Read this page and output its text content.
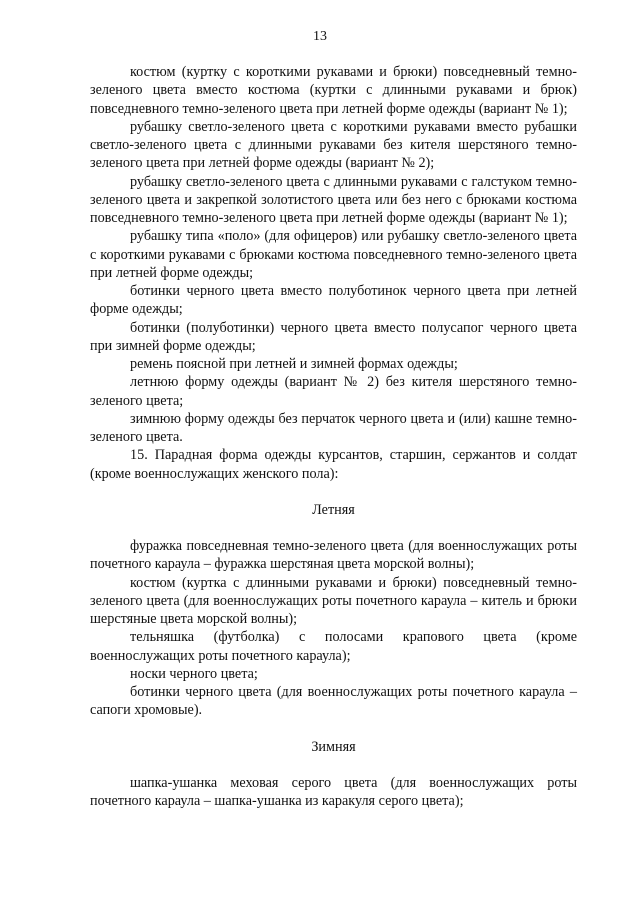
13

костюм (куртку с короткими рукавами и брюки) повседневный темно-зеленого цвета вместо костюма (куртки с длинными рукавами и брюк) повседневного темно-зеленого цвета при летней форме одежды (вариант № 1);

рубашку светло-зеленого цвета с короткими рукавами вместо рубашки светло-зеленого цвета с длинными рукавами без кителя шерстяного темно-зеленого цвета при летней форме одежды (вариант № 2);

рубашку светло-зеленого цвета с длинными рукавами с галстуком темно-зеленого цвета и закрепкой золотистого цвета или без него с брюками костюма повседневного темно-зеленого цвета при летней форме одежды (вариант № 1);

рубашку типа «поло» (для офицеров) или рубашку светло-зеленого цвета с короткими рукавами с брюками костюма повседневного темно-зеленого цвета при летней форме одежды;

ботинки черного цвета вместо полуботинок черного цвета при летней форме одежды;

ботинки (полуботинки) черного цвета вместо полусапог черного цвета при зимней форме одежды;

ремень поясной при летней и зимней формах одежды;

летнюю форму одежды (вариант № 2) без кителя шерстяного темно-зеленого цвета;

зимнюю форму одежды без перчаток черного цвета и (или) кашне темно-зеленого цвета.

15. Парадная форма одежды курсантов, старшин, сержантов и солдат (кроме военнослужащих женского пола):

Летняя

фуражка повседневная темно-зеленого цвета (для военнослужащих роты почетного караула – фуражка шерстяная цвета морской волны);

костюм (куртка с длинными рукавами и брюки) повседневный темно-зеленого цвета (для военнослужащих роты почетного караула – китель и брюки шерстяные цвета морской волны);

тельняшка (футболка) с полосами крапового цвета (кроме военнослужащих роты почетного караула);

носки черного цвета;

ботинки черного цвета (для военнослужащих роты почетного караула – сапоги хромовые).

Зимняя

шапка-ушанка меховая серого цвета (для военнослужащих роты почетного караула – шапка-ушанка из каракуля серого цвета);
